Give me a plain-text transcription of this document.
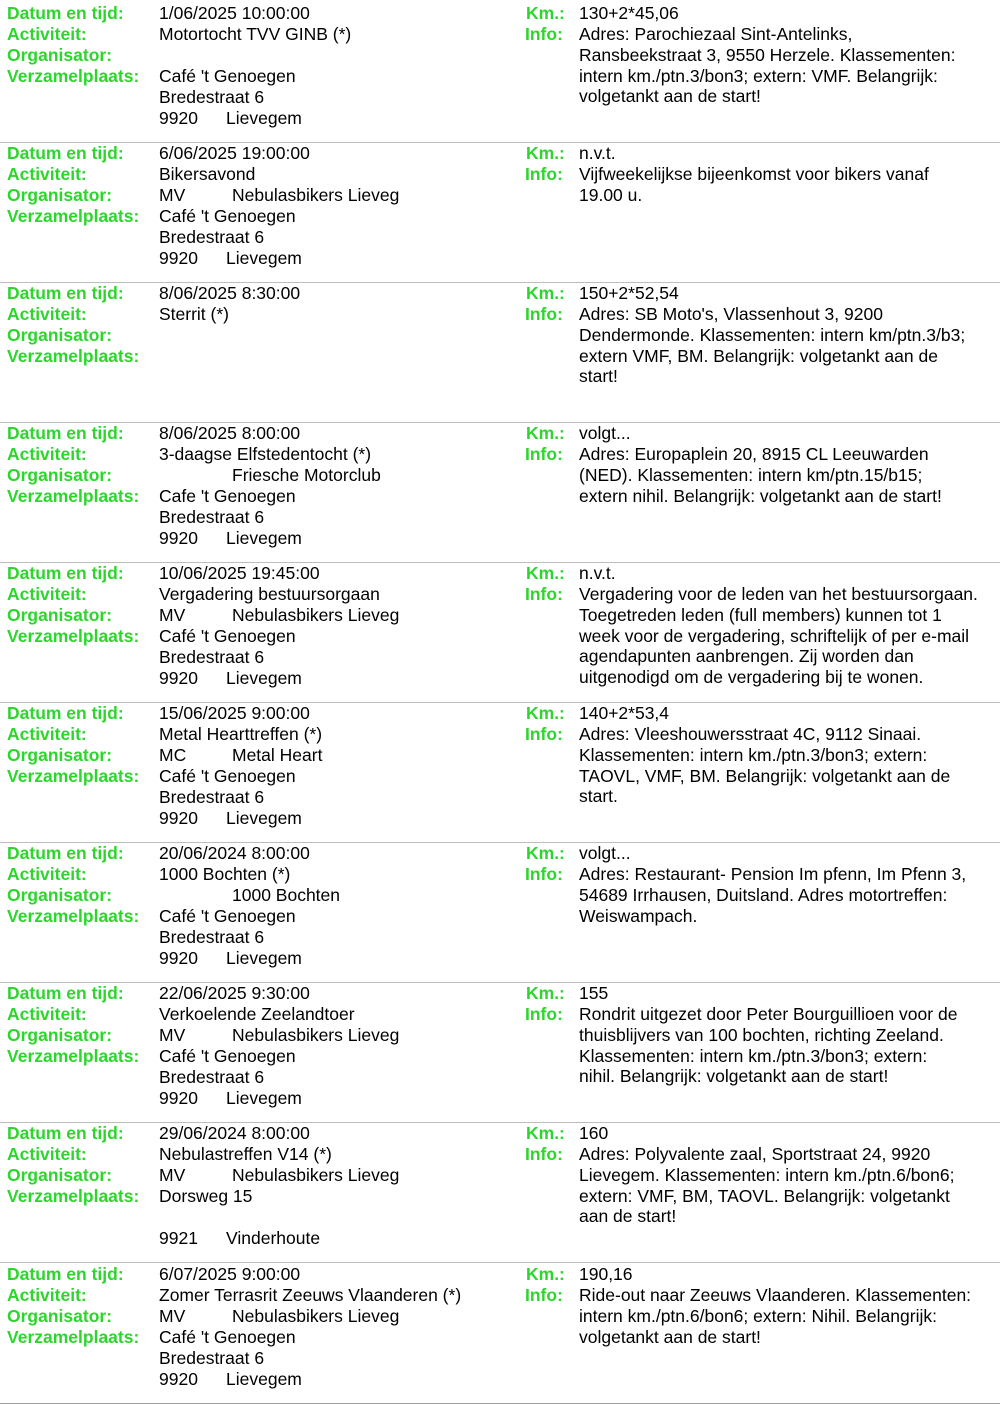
Datum en tijd: 1/06/2025 10:00:00
Activiteit:	Motortocht TVV GINB (*)
Organisator:
Verzamelplaats: Café 't Genoegen
Bredestraat 6
9920 Lievegem
Km.: 130+2*45,06
Info: Adres: Parochiezaal Sint-Antelinks,
Ransbeekstraat 3, 9550 Herzele. Klassementen:
intern km./ptn.3/bon3; extern: VMF. Belangrijk:
volgetankt aan de start!
Datum en tijd: 6/06/2025 19:00:00
Activiteit:	Bikersavond
Organisator:	MV	Nebulasbikers Lieveg
Verzamelplaats: Café 't Genoegen
Bredestraat 6
9920 Lievegem
Km.: n.v.t.
Info: Vijfweekelijkse bijeenkomst voor bikers vanaf
19.00 u.
Datum en tijd: 8/06/2025 8:30:00
Activiteit:	Sterrit (*)
Organisator:
Verzamelplaats:
Km.: 150+2*52,54
Info: Adres: SB Moto's, Vlassenhout 3, 9200
Dendermonde. Klassementen: intern km/ptn.3/b3;
extern VMF, BM. Belangrijk: volgetankt aan de
start!
Datum en tijd: 8/06/2025 8:00:00
Activiteit:	3-daagse Elfstedentocht (*)
Organisator:	Friesche Motorclub
Verzamelplaats: Cafe 't Genoegen
Bredestraat 6
9920 Lievegem
Km.: volgt...
Info: Adres: Europaplein 20, 8915 CL Leeuwarden
(NED). Klassementen: intern km/ptn.15/b15;
extern nihil. Belangrijk: volgetankt aan de start!
Datum en tijd: 10/06/2025 19:45:00
Activiteit:	Vergadering bestuursorgaan
Organisator:	MV	Nebulasbikers Lieveg
Verzamelplaats: Café 't Genoegen
Bredestraat 6
9920 Lievegem
Km.: n.v.t.
Info: Vergadering voor de leden van het bestuursorgaan.
Toegetreden leden (full members) kunnen tot 1
week voor de vergadering, schriftelijk of per e-mail
agendapunten aanbrengen. Zij worden dan
uitgenodigd om de vergadering bij te wonen.
Datum en tijd: 15/06/2025 9:00:00
Activiteit:	Metal Hearttreffen (*)
Organisator:	MC	Metal Heart
Verzamelplaats: Café 't Genoegen
Bredestraat 6
9920 Lievegem
Km.: 140+2*53,4
Info: Adres: Vleeshouwersstraat 4C, 9112 Sinaai.
Klassementen: intern km./ptn.3/bon3; extern:
TAOVL, VMF, BM. Belangrijk: volgetankt aan de
start.
Datum en tijd: 20/06/2024 8:00:00
Activiteit:	1000 Bochten (*)
Organisator:	1000 Bochten
Verzamelplaats: Café 't Genoegen
Bredestraat 6
9920 Lievegem
Km.: volgt...
Info: Adres: Restaurant- Pension Im pfenn, Im Pfenn 3,
54689 Irrhausen, Duitsland. Adres motortreffen:
Weiswampach.
Datum en tijd: 22/06/2025 9:30:00
Activiteit:	Verkoelende Zeelandtoer
Organisator:	MV	Nebulasbikers Lieveg
Verzamelplaats: Café 't Genoegen
Bredestraat 6
9920 Lievegem
Km.: 155
Info: Rondrit uitgezet door Peter Bourguillioen voor de
thuisblijvers van 100 bochten, richting Zeeland.
Klassementen: intern km./ptn.3/bon3; extern:
nihil. Belangrijk: volgetankt aan de start!
Datum en tijd: 29/06/2024 8:00:00
Activiteit:	Nebulastreffen V14 (*)
Organisator:	MV	Nebulasbikers Lieveg
Verzamelplaats: Dorsweg 15
9921 Vinderhoute
Km.: 160
Info: Adres: Polyvalente zaal, Sportstraat 24, 9920
Lievegem. Klassementen: intern km./ptn.6/bon6;
extern: VMF, BM, TAOVL. Belangrijk: volgetankt
aan de start!
Datum en tijd: 6/07/2025 9:00:00
Activiteit:	Zomer Terrasrit Zeeuws Vlaanderen (*)
Organisator:	MV	Nebulasbikers Lieveg
Verzamelplaats: Café 't Genoegen
Bredestraat 6
9920 Lievegem
Km.: 190,16
Info: Ride-out naar Zeeuws Vlaanderen. Klassementen:
intern km./ptn.6/bon6; extern: Nihil. Belangrijk:
volgetankt aan de start!
